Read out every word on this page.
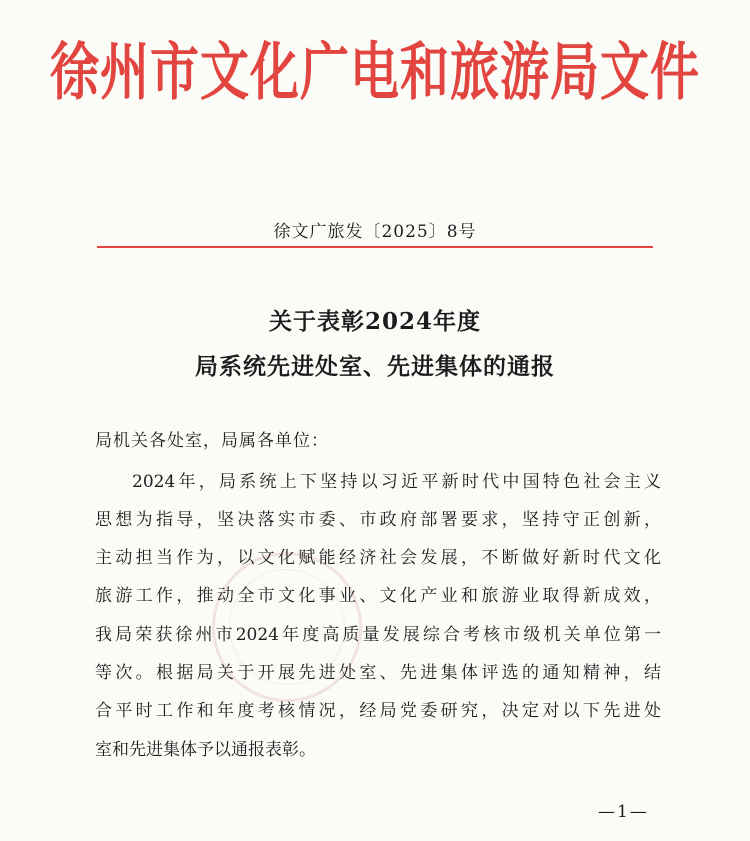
徐州市文化广电和旅游局文件
徐文广旅发〔2025〕8号
关于表彰2024年度
局系统先进处室、先进集体的通报
局机关各处室，局属各单位：
2024年，局系统上下坚持以习近平新时代中国特色社会主义
思想为指导，坚决落实市委、市政府部署要求，坚持守正创新，
主动担当作为，以文化赋能经济社会发展，不断做好新时代文化
旅游工作，推动全市文化事业、文化产业和旅游业取得新成效，
我局荣获徐州市2024年度高质量发展综合考核市级机关单位第一
等次。根据局关于开展先进处室、先进集体评选的通知精神，结
合平时工作和年度考核情况，经局党委研究，决定对以下先进处
室和先进集体予以通报表彰。
—1—
